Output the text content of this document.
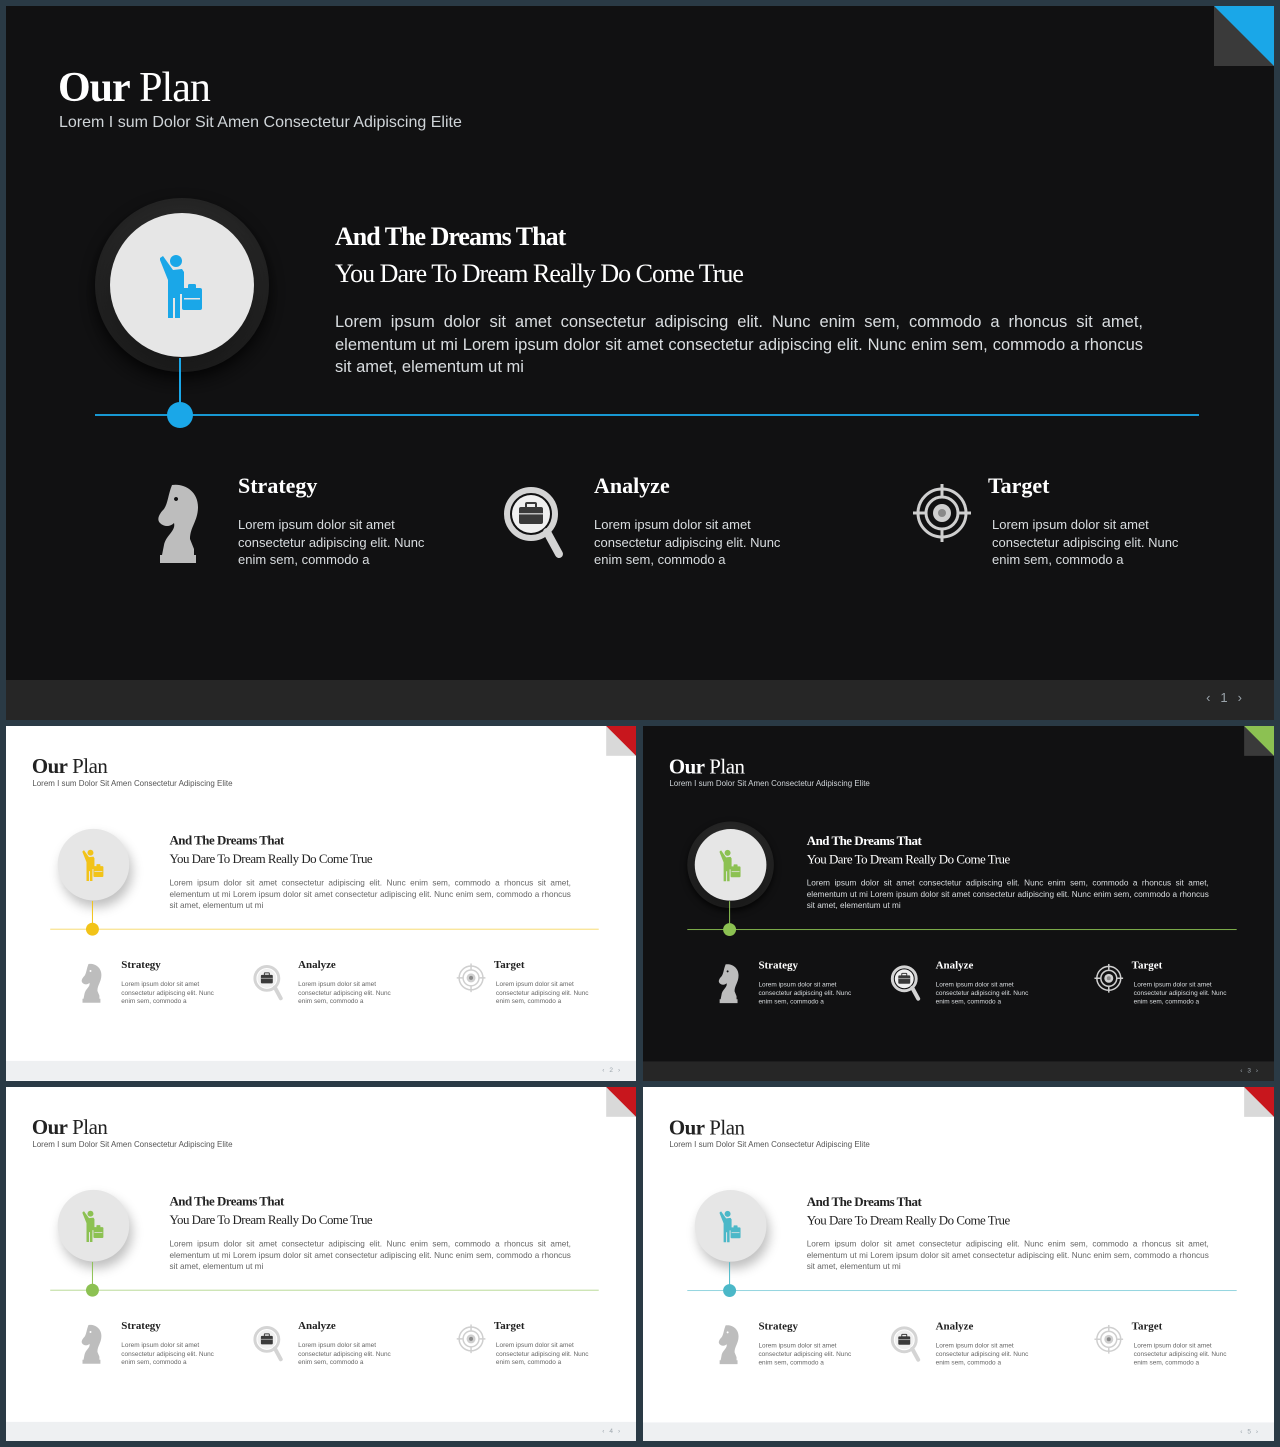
Our Plan
Lorem I sum Dolor Sit Amen Consectetur Adipiscing Elite
And The Dreams That
You Dare To Dream Really Do Come True
Lorem ipsum dolor sit amet consectetur adipiscing elit. Nunc enim sem, commodo a rhoncus sit amet, elementum ut mi Lorem ipsum dolor sit amet consectetur adipiscing elit. Nunc enim sem, commodo a rhoncus sit amet, elementum ut mi
Strategy
Lorem ipsum dolor sit amet consectetur adipiscing elit. Nunc enim sem, commodo a
Analyze
Lorem ipsum dolor sit amet consectetur adipiscing elit. Nunc enim sem, commodo a
Target
Lorem ipsum dolor sit amet consectetur adipiscing elit. Nunc enim sem, commodo a
‹1›
Our Plan
Lorem I sum Dolor Sit Amen Consectetur Adipiscing Elite
And The Dreams That
You Dare To Dream Really Do Come True
Lorem ipsum dolor sit amet consectetur adipiscing elit. Nunc enim sem, commodo a rhoncus sit amet, elementum ut mi Lorem ipsum dolor sit amet consectetur adipiscing elit. Nunc enim sem, commodo a rhoncus sit amet, elementum ut mi
Strategy
Lorem ipsum dolor sit amet consectetur adipiscing elit. Nunc enim sem, commodo a
Analyze
Lorem ipsum dolor sit amet consectetur adipiscing elit. Nunc enim sem, commodo a
Target
Lorem ipsum dolor sit amet consectetur adipiscing elit. Nunc enim sem, commodo a
‹2›
Our Plan
Lorem I sum Dolor Sit Amen Consectetur Adipiscing Elite
And The Dreams That
You Dare To Dream Really Do Come True
Lorem ipsum dolor sit amet consectetur adipiscing elit. Nunc enim sem, commodo a rhoncus sit amet, elementum ut mi Lorem ipsum dolor sit amet consectetur adipiscing elit. Nunc enim sem, commodo a rhoncus sit amet, elementum ut mi
Strategy
Lorem ipsum dolor sit amet consectetur adipiscing elit. Nunc enim sem, commodo a
Analyze
Lorem ipsum dolor sit amet consectetur adipiscing elit. Nunc enim sem, commodo a
Target
Lorem ipsum dolor sit amet consectetur adipiscing elit. Nunc enim sem, commodo a
‹3›
Our Plan
Lorem I sum Dolor Sit Amen Consectetur Adipiscing Elite
And The Dreams That
You Dare To Dream Really Do Come True
Lorem ipsum dolor sit amet consectetur adipiscing elit. Nunc enim sem, commodo a rhoncus sit amet, elementum ut mi Lorem ipsum dolor sit amet consectetur adipiscing elit. Nunc enim sem, commodo a rhoncus sit amet, elementum ut mi
Strategy
Lorem ipsum dolor sit amet consectetur adipiscing elit. Nunc enim sem, commodo a
Analyze
Lorem ipsum dolor sit amet consectetur adipiscing elit. Nunc enim sem, commodo a
Target
Lorem ipsum dolor sit amet consectetur adipiscing elit. Nunc enim sem, commodo a
‹4›
Our Plan
Lorem I sum Dolor Sit Amen Consectetur Adipiscing Elite
And The Dreams That
You Dare To Dream Really Do Come True
Lorem ipsum dolor sit amet consectetur adipiscing elit. Nunc enim sem, commodo a rhoncus sit amet, elementum ut mi Lorem ipsum dolor sit amet consectetur adipiscing elit. Nunc enim sem, commodo a rhoncus sit amet, elementum ut mi
Strategy
Lorem ipsum dolor sit amet consectetur adipiscing elit. Nunc enim sem, commodo a
Analyze
Lorem ipsum dolor sit amet consectetur adipiscing elit. Nunc enim sem, commodo a
Target
Lorem ipsum dolor sit amet consectetur adipiscing elit. Nunc enim sem, commodo a
‹5›
